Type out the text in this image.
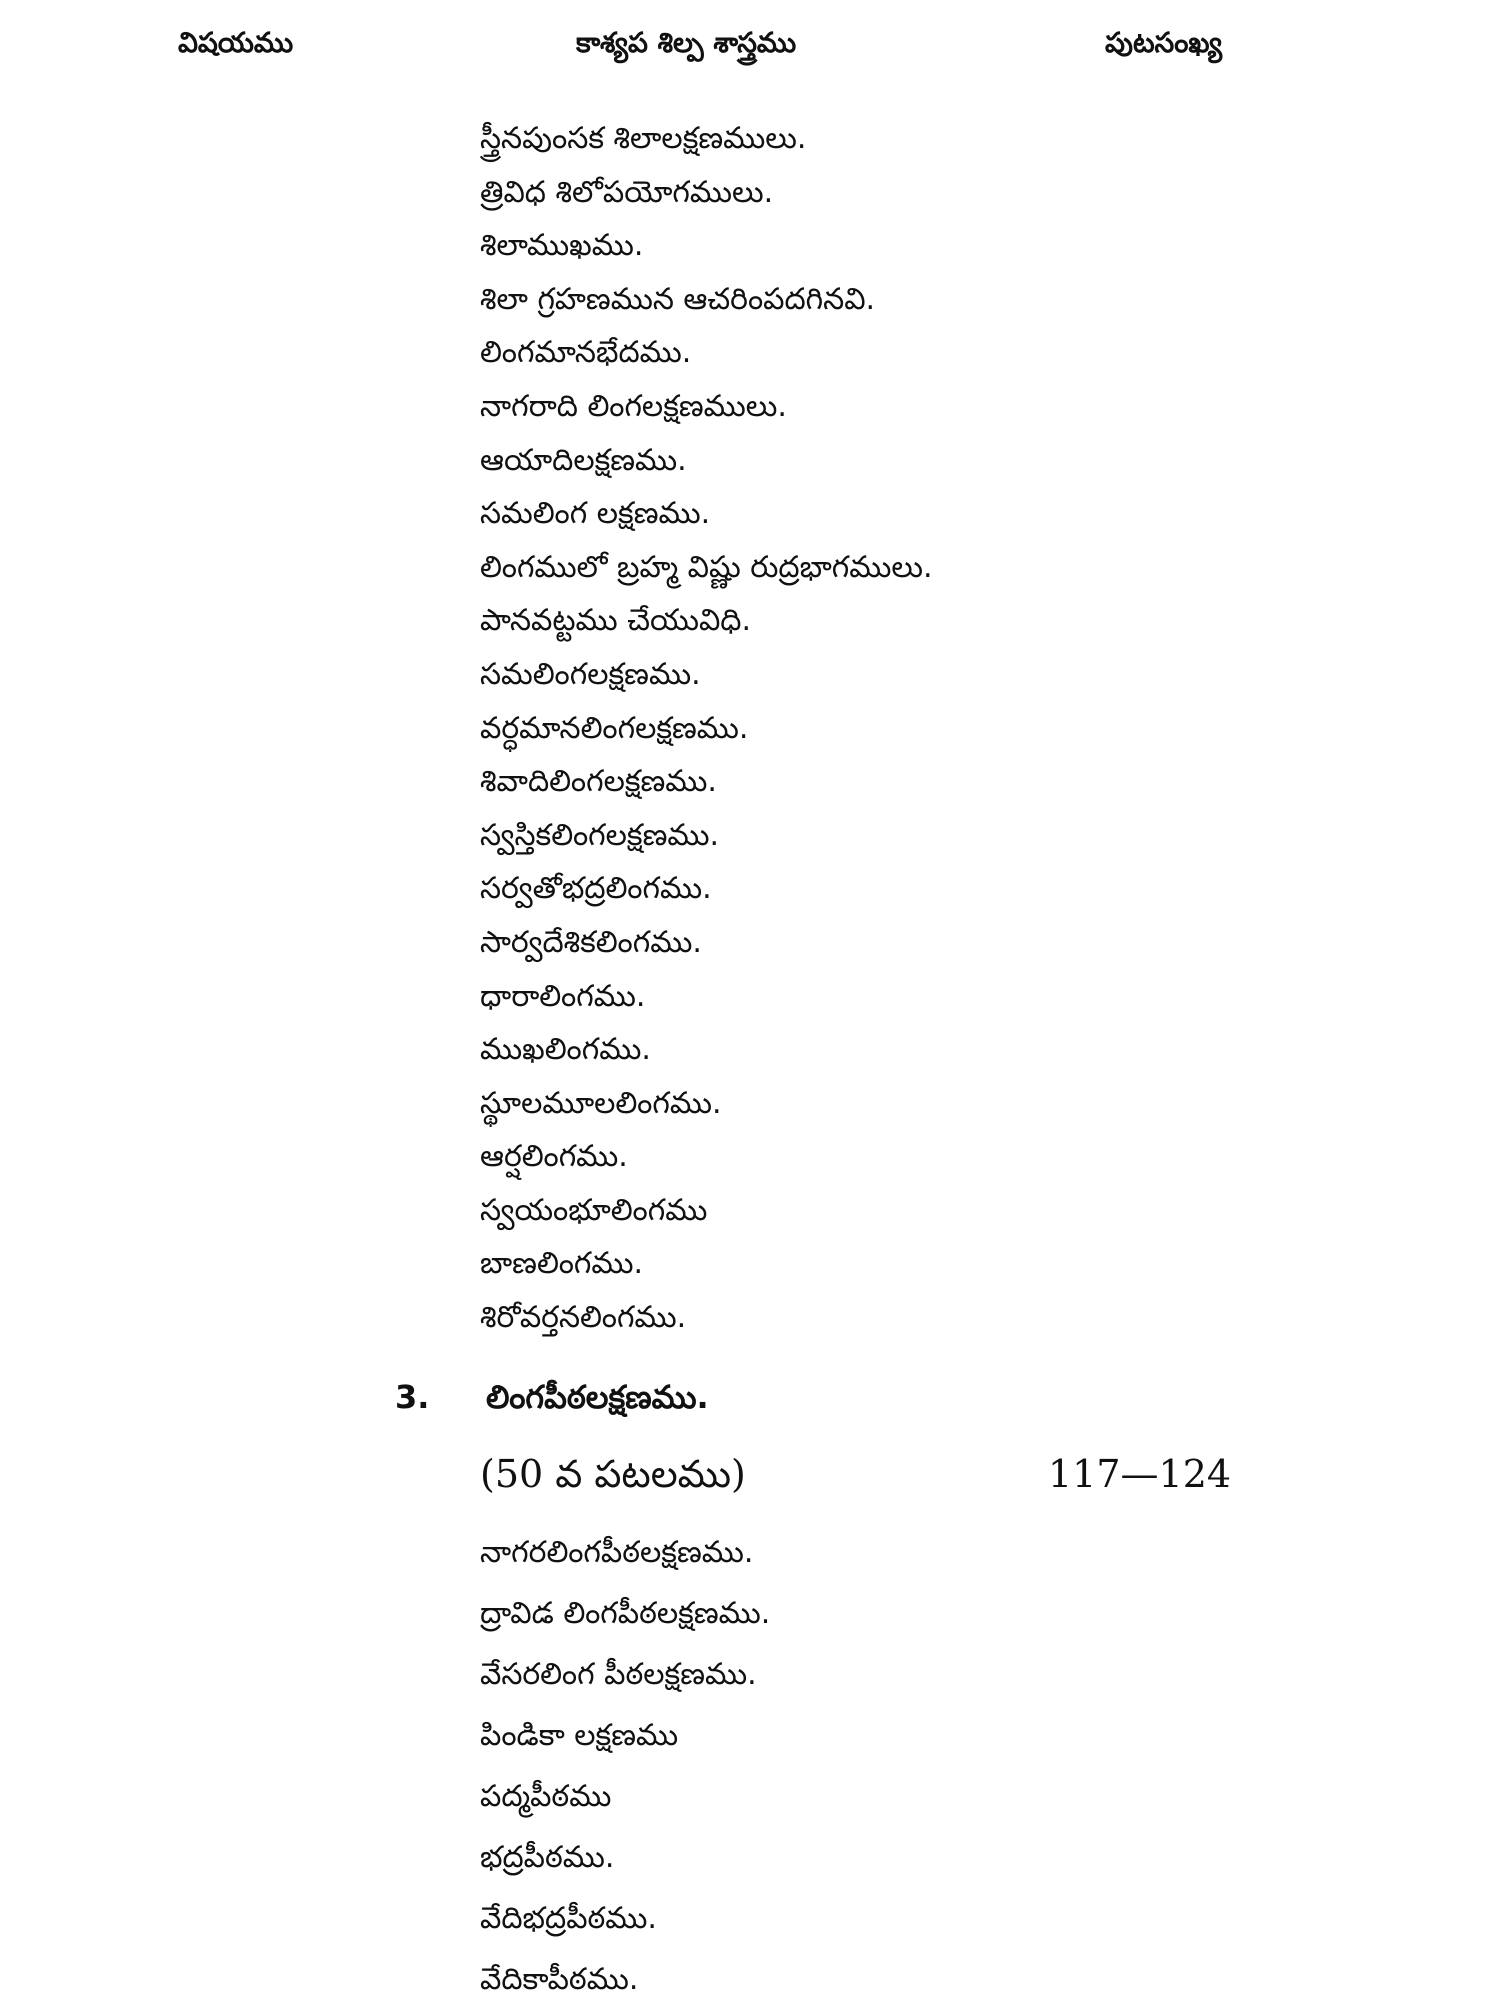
విషయము	కాశ్యప శిల్ప శాస్త్రము	పుటసంఖ్య
స్త్రీనపుంసక శిలాలక్షణములు.
త్రివిధ శిలోపయోగములు.
శిలాముఖము.
శిలా గ్రహణమున ఆచరింపదగినవి.
లింగమానభేదము.
నాగరాది లింగలక్షణములు.
ఆయాదిలక్షణము.
సమలింగ లక్షణము.
లింగములో బ్రహ్మ విష్ణు రుద్రభాగములు.
పానవట్టము చేయువిధి.
సమలింగలక్షణము.
వర్ధమానలింగలక్షణము.
శివాదిలింగలక్షణము.
స్వస్తికలింగలక్షణము.
సర్వతోభద్రలింగము.
సార్వదేశికలింగము.
ధారాలింగము.
ముఖలింగము.
స్థూలమూలలింగము.
ఆర్షలింగము.
స్వయంభూలింగము
బాణలింగము.
శిరోవర్తనలింగము.
3. లింగపీఠలక్షణము.
(50 వ పటలము)	117—124
నాగరలింగపీఠలక్షణము.
ద్రావిడ లింగపీఠలక్షణము.
వేసరలింగ పీఠలక్షణము.
పిండికా లక్షణము
పద్మపీఠము
భద్రపీఠము.
వేదిభద్రపీఠము.
వేదికాపీఠము.
